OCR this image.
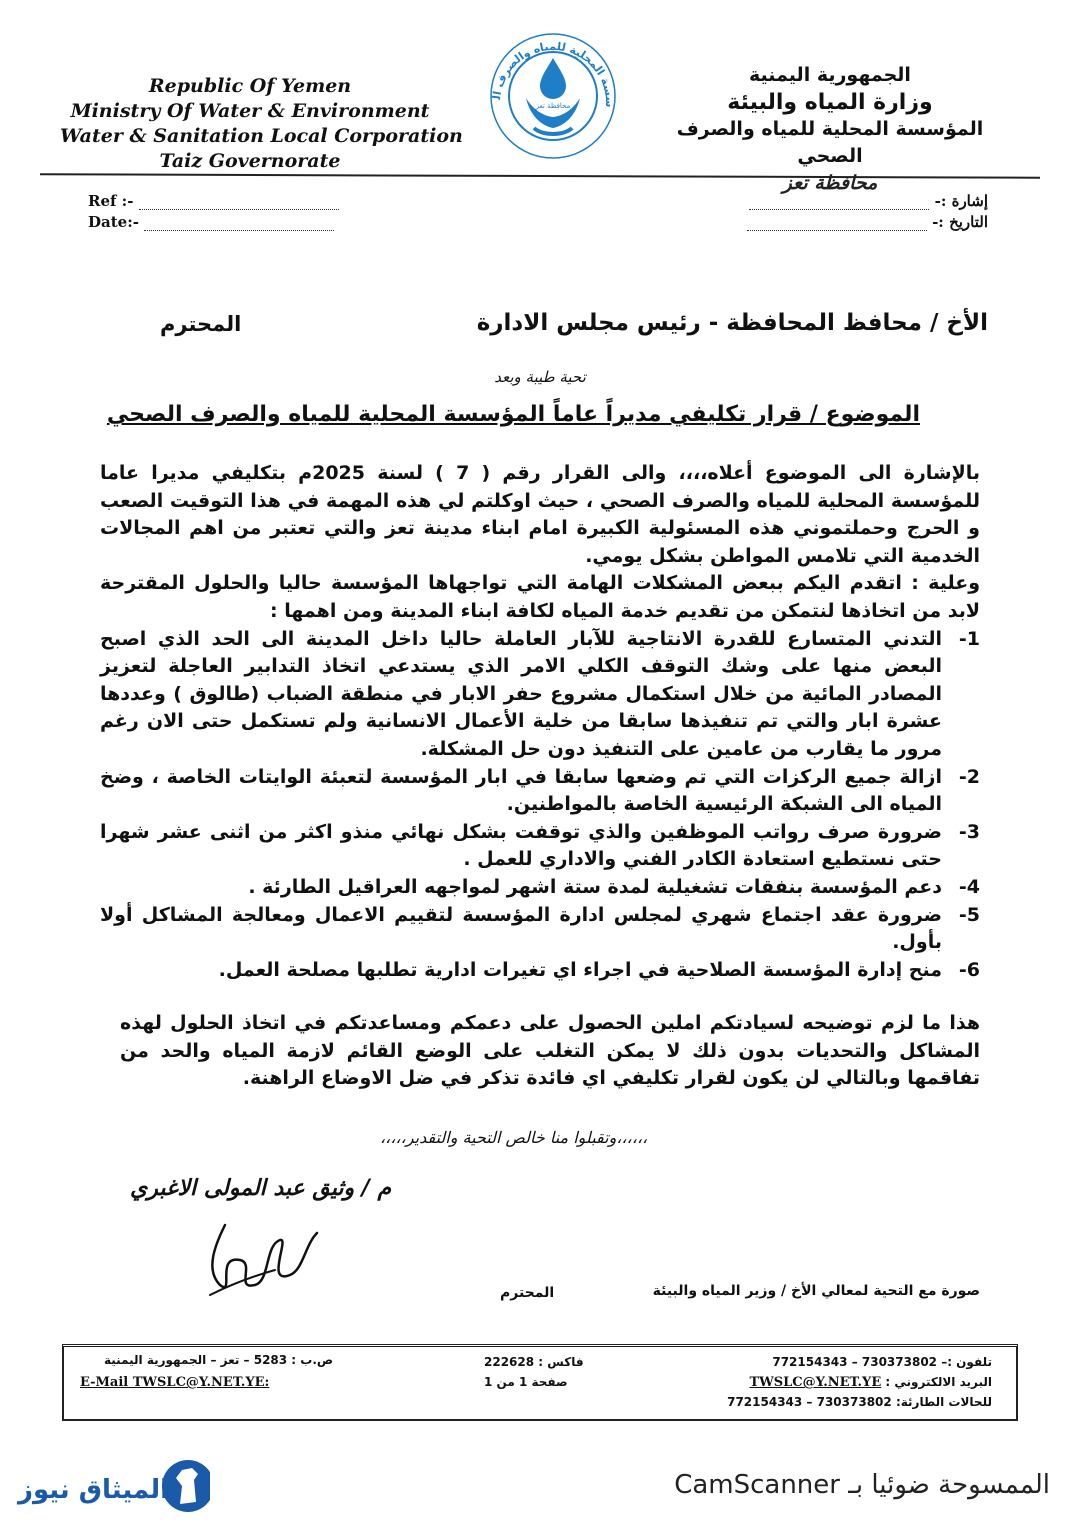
Republic Of Yemen
Ministry Of Water & Environment
Water & Sanitation Local Corporation
Taiz Governorate
سسة المحلية للمياه والصرف ال
محافظة تعز
الجمهورية اليمنية
وزارة المياه والبيئة
المؤسسة المحلية للمياه والصرف الصحي
محافظة تعز
Ref :-
Date:-
إشارة :-
التاريخ :-
الأخ / محافظ المحافظة - رئيس مجلس الادارة
المحترم
تحية طيبة وبعد
الموضوع / قرار تكليفي مديراً عاماً المؤسسة المحلية للمياه والصرف الصحي

بالإشارة الى الموضوع أعلاه،،،، والى القرار رقم ( 7 ) لسنة 2025م بتكليفي مديرا عاما للمؤسسة المحلية للمياه والصرف الصحي ، حيث اوكلتم لي هذه المهمة في هذا التوقيت الصعب و الحرج وحملتموني هذه المسئولية الكبيرة امام ابناء مدينة تعز والتي تعتبر من اهم المجالات الخدمية التي تلامس المواطن بشكل يومي.

وعلية : اتقدم اليكم ببعض المشكلات الهامة التي تواجهاها المؤسسة حاليا والحلول المقترحة لابد من اتخاذها لنتمكن من تقديم خدمة المياه لكافة ابناء المدينة ومن اهمها :

1-
التدني المتسارع للقدرة الانتاجية للآبار العاملة حاليا داخل المدينة الى الحد الذي اصبح البعض منها على وشك التوقف الكلي الامر الذي يستدعي اتخاذ التدابير العاجلة لتعزيز المصادر المائية من خلال استكمال مشروع حفر الابار في منطقة الضباب (طالوق ) وعددها عشرة ابار والتي تم تنفيذها سابقا من خلية الأعمال الانسانية ولم تستكمل حتى الان رغم مرور ما يقارب من عامين على التنفيذ دون حل المشكلة.
2-
ازالة جميع الركزات التي تم وضعها سابقا في ابار المؤسسة لتعبئة الوايتات الخاصة ، وضخ المياه الى الشبكة الرئيسية الخاصة بالمواطنين.
3-
ضرورة صرف رواتب الموظفين والذي توقفت بشكل نهائي منذو اكثر من اثنى عشر شهرا حتى نستطيع استعادة الكادر الفني والاداري للعمل .
4-
دعم المؤسسة بنفقات تشغيلية لمدة ستة اشهر لمواجهه العراقيل الطارئة .
5-
ضرورة عقد اجتماع شهري لمجلس ادارة المؤسسة لتقييم الاعمال ومعالجة المشاكل أولا بأول.
6-
منح إدارة المؤسسة الصلاحية في اجراء اي تغيرات ادارية تطلبها مصلحة العمل.
هذا ما لزم توضيحه لسيادتكم املين الحصول على دعمكم ومساعدتكم في اتخاذ الحلول لهذه المشاكل والتحديات بدون ذلك لا يمكن التغلب على الوضع القائم لازمة المياه والحد من تفاقمها وبالتالي لن يكون لقرار تكليفي اي فائدة تذكر في ضل الاوضاع الراهنة.
،،،،،،وتقبلوا منا خالص التحية والتقدير،،،،،
م / وثيق عبد المولى الاغبري
صورة مع التحية لمعالي الأخ / وزير المياه والبيئة
المحترم
ص.ب : 5283 – تعز – الجمهورية اليمنية
E-Mail TWSLC@Y.NET.YE:
فاكس : 222628
صفحة 1 من 1
تلفون :– 730373802 – 772154343
البريد الالكتروني : TWSLC@Y.NET.YE
للحالات الطارئة: 730373802 – 772154343
الممسوحة ضوئيا بـ CamScanner
الميثاق نيوز
